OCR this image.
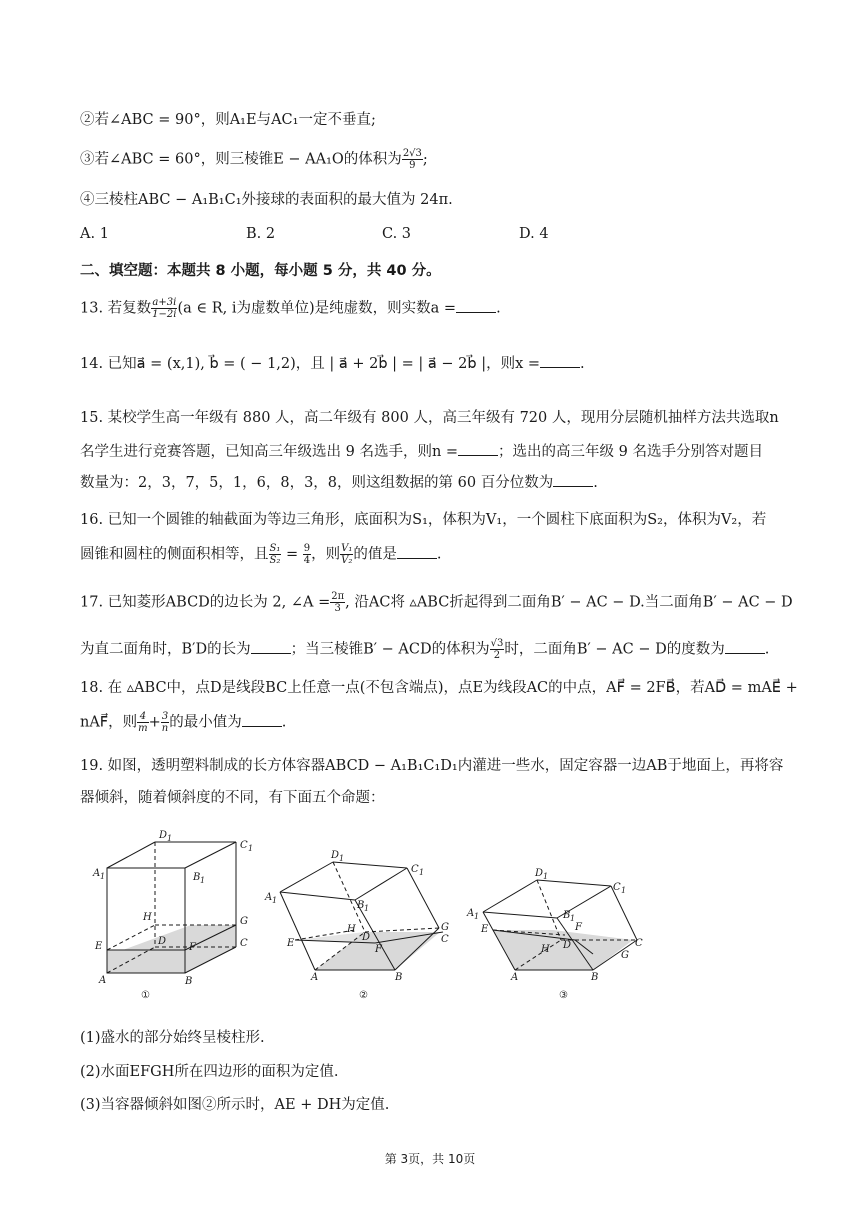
②若∠ABC = 90°，则A₁E与AC₁一定不垂直;
③若∠ABC = 60°，则三棱锥E − AA₁O的体积为 $\frac{2√3}{9}$ ;
④三棱柱ABC − A₁B₁C₁外接球的表面积的最大值为 24π.
A. 1	B. 2	C. 3	D. 4
二、填空题：本题共 8 小题，每小题 5 分，共 40 分。
13. 若复数 $\frac{a+3i}{1-2i} (a$ ∈ R, i为虚数单位)是纯虚数，则实数a =	.
14. 已知a⃗ = (x,1), b⃗ = ( − 1,2)，且 | a⃗ + 2b⃗ | = | a⃗ − 2b⃗ |，则x =	.
15. 某校学生高一年级有 880 人，高二年级有 800 人，高三年级有 720 人，现用分层随机抽样方法共选取n
名学生进行竞赛答题，已知高三年级选出 9 名选手，则n =	；选出的高三年级 9 名选手分别答对题目
数量为：2，3，7，5，1，6，8，3，8，则这组数据的第 60 百分位数为	.
16. 已知一个圆锥的轴截面为等边三角形，底面积为S₁，体积为V₁，一个圆柱下底面积为S₂，体积为V₂，若
圆锥和圆柱的侧面积相等，且 $\frac{\text{S₁}}{\text{S₂}} = \frac{9}{4}$ ，则 $\frac{\text{V₁}}{\text{V₂}}$ 的值是	.
17. 已知菱形ABCD的边长为 2, ∠A = $\frac{2\pi}{3}$ , 沿AC将 ▵ABC折起得到二面角B′ − AC − D.当二面角B′ − AC − D
为直二面角时，B′D的长为	；当三棱锥B′ − ACD的体积为 $\frac{√3}{2}$ 时，二面角B′ − AC − D的度数为	.
18. 在 ▵ABC中，点D是线段BC上任意一点(不包含端点)，点E为线段AC的中点，AF⃗ = 2FB⃗，若AD⃗ = mAE⃗ +
nAF⃗，则 $\frac{4}{m} + \frac{3}{n}$ 的最小值为	.
19. 如图，透明塑料制成的长方体容器ABCD − A₁B₁C₁D₁内灌进一些水，固定容器一边AB于地面上，再将容
器倾斜，随着倾斜度的不同，有下面五个命题：
D 1
C 1
A 1	B 1
H	G
D
E	F	C
A	B
①
D 1
C 1
A 1	B 1
H
D
E
F
G
C
A	B
②
D 1
C 1
A 1	B 1
F
E
H D	C
G
A	B
③
(1)盛水的部分始终呈棱柱形.
(2)水面EFGH所在四边形的面积为定值.
(3)当容器倾斜如图②所示时，AE + DH为定值.
第 3页，共 10页
